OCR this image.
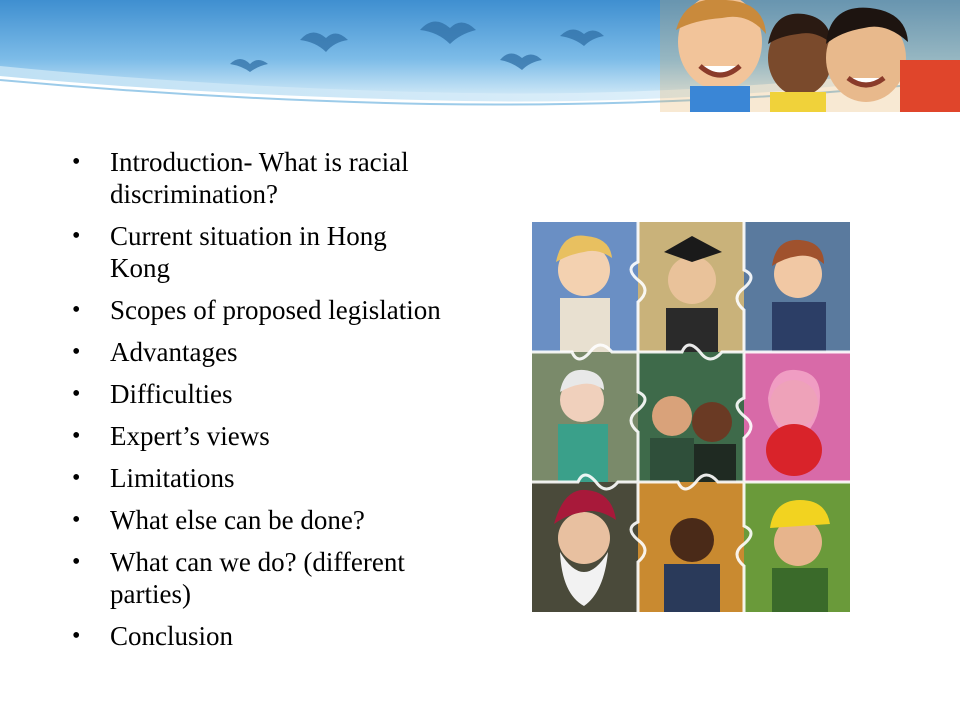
•	Introduction- What is racial discrimination?
•	Current situation in Hong Kong
•	Scopes of proposed legislation
•	Advantages
•	Difficulties
•	Expert’s views
•	Limitations
•	What else can be done?
•	What can we do? (different parties)
•	Conclusion
